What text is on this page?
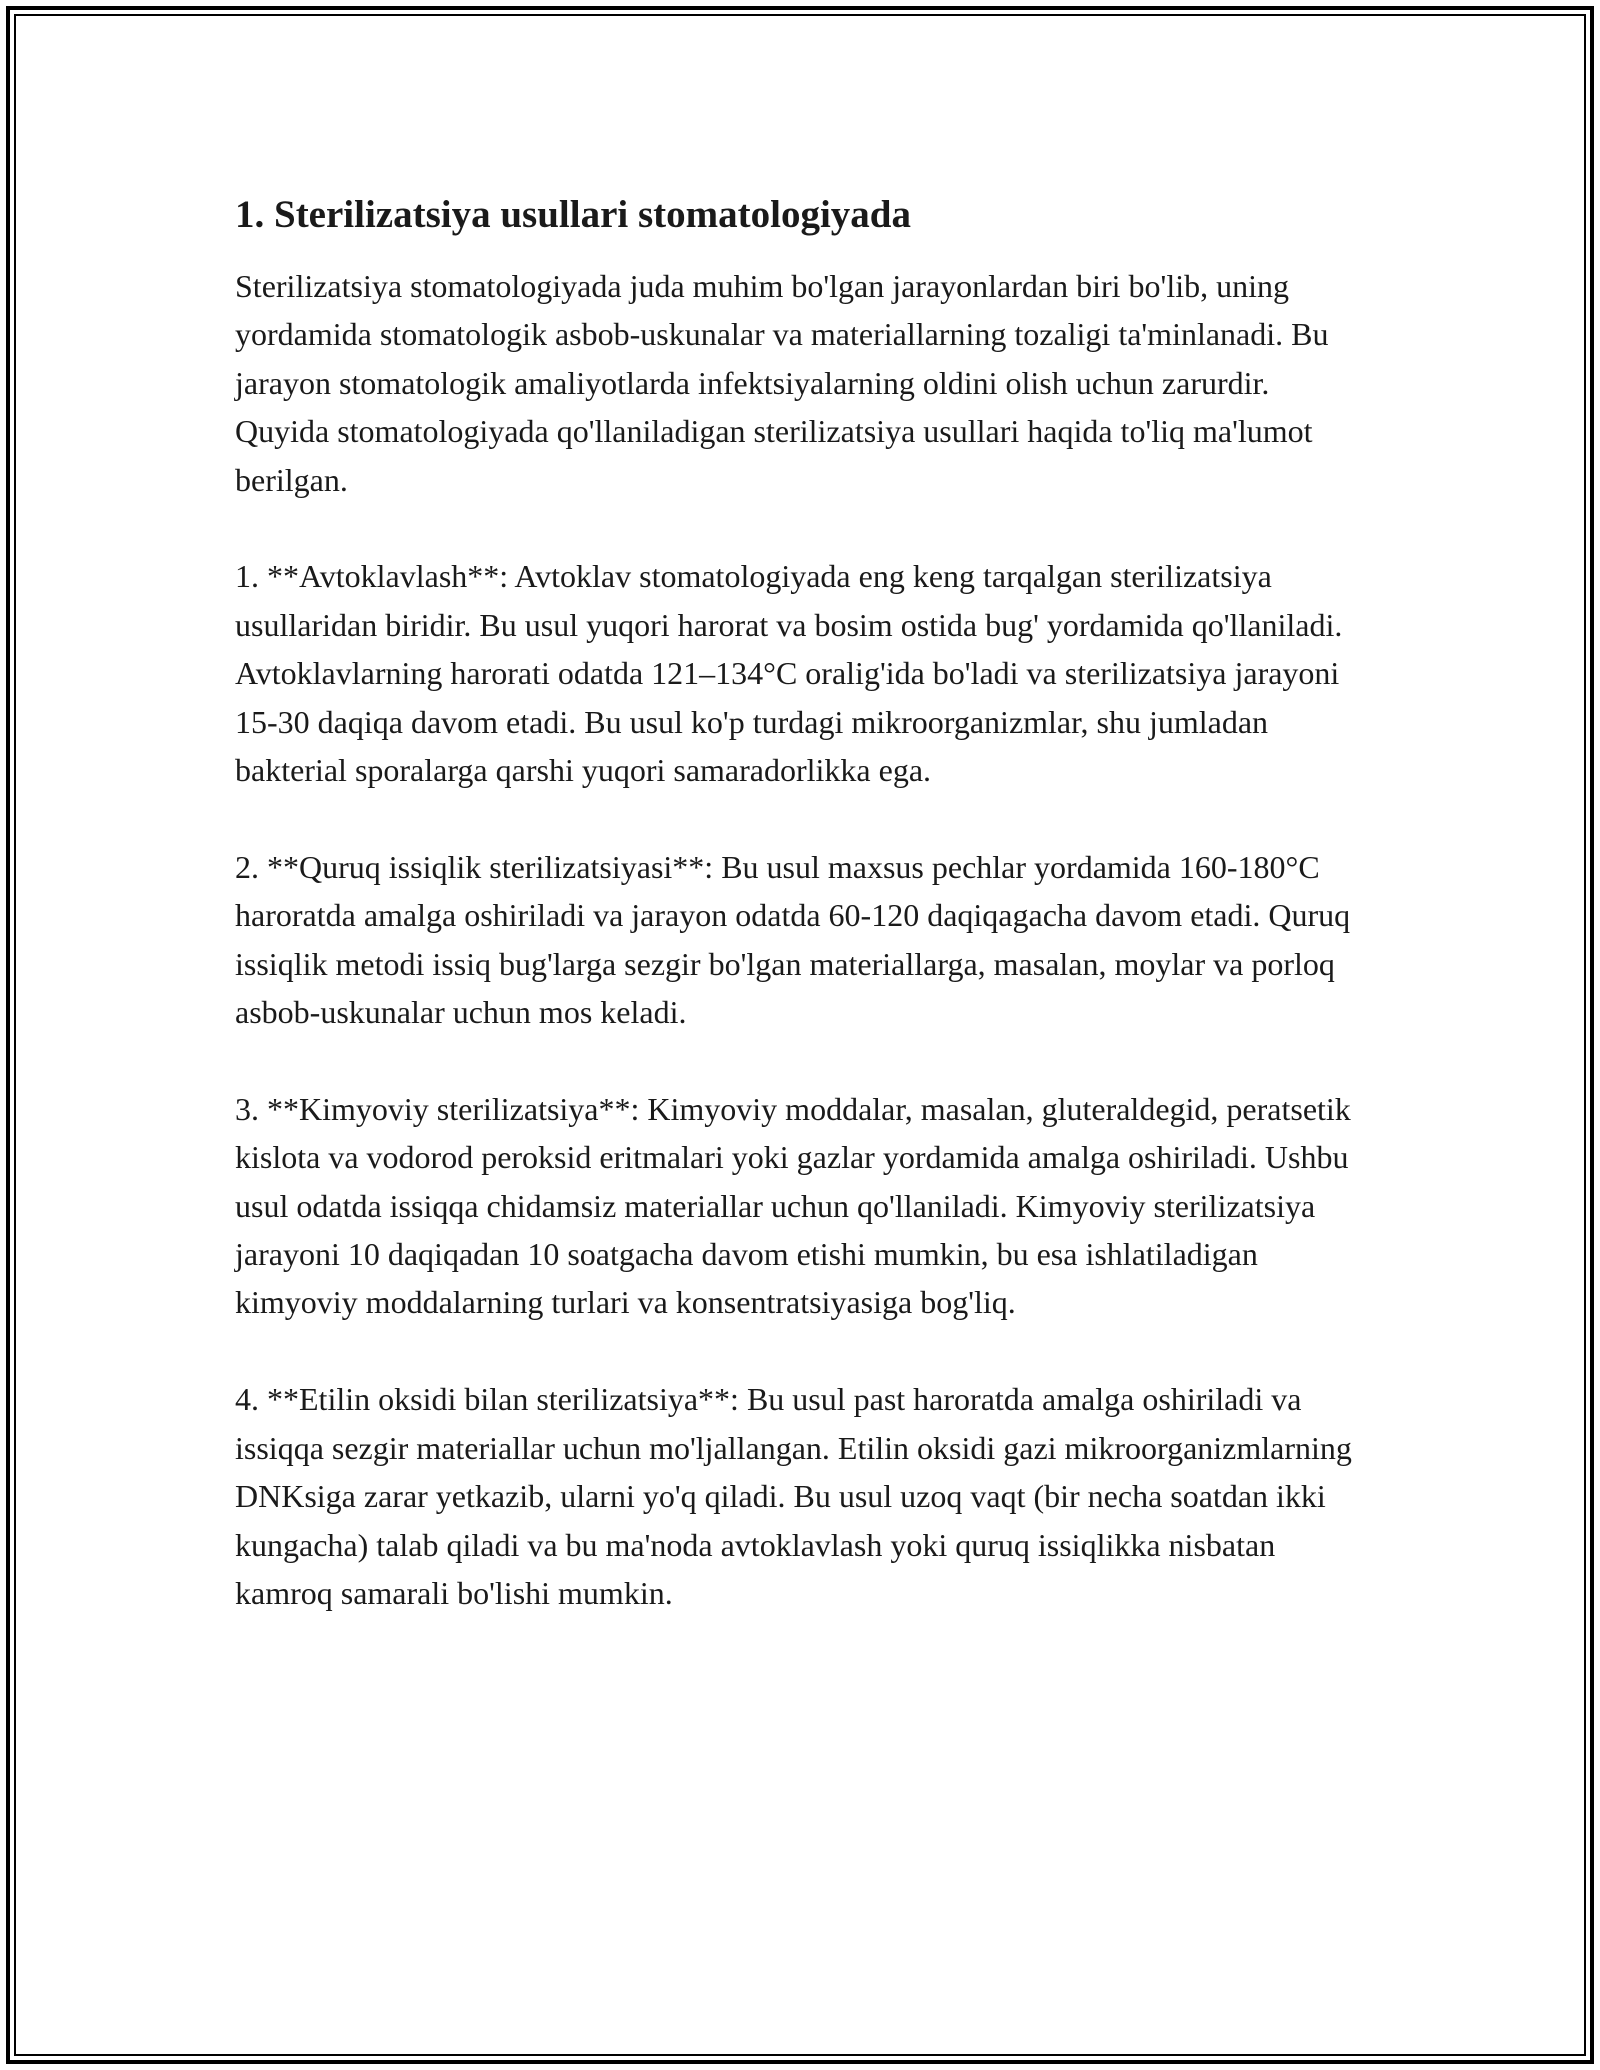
1. Sterilizatsiya usullari stomatologiyada

Sterilizatsiya stomatologiyada juda muhim bo'lgan jarayonlardan biri bo'lib, uning yordamida stomatologik asbob-uskunalar va materiallarning tozaligi ta'minlanadi. Bu jarayon stomatologik amaliyotlarda infektsiyalarning oldini olish uchun zarurdir. Quyida stomatologiyada qo'llaniladigan sterilizatsiya usullari haqida to'liq ma'lumot berilgan.

1. **Avtoklavlash**: Avtoklav stomatologiyada eng keng tarqalgan sterilizatsiya usullaridan biridir. Bu usul yuqori harorat va bosim ostida bug' yordamida qo'llaniladi. Avtoklavlarning harorati odatda 121–134°C oralig'ida bo'ladi va sterilizatsiya jarayoni 15-30 daqiqa davom etadi. Bu usul ko'p turdagi mikroorganizmlar, shu jumladan bakterial sporalarga qarshi yuqori samaradorlikka ega.

2. **Quruq issiqlik sterilizatsiyasi**: Bu usul maxsus pechlar yordamida 160-180°C haroratda amalga oshiriladi va jarayon odatda 60-120 daqiqagacha davom etadi. Quruq issiqlik metodi issiq bug'larga sezgir bo'lgan materiallarga, masalan, moylar va porloq asbob-uskunalar uchun mos keladi.

3. **Kimyoviy sterilizatsiya**: Kimyoviy moddalar, masalan, gluteraldegid, peratsetik kislota va vodorod peroksid eritmalari yoki gazlar yordamida amalga oshiriladi. Ushbu usul odatda issiqqa chidamsiz materiallar uchun qo'llaniladi. Kimyoviy sterilizatsiya jarayoni 10 daqiqadan 10 soatgacha davom etishi mumkin, bu esa ishlatiladigan kimyoviy moddalarning turlari va konsentratsiyasiga bog'liq.

4. **Etilin oksidi bilan sterilizatsiya**: Bu usul past haroratda amalga oshiriladi va issiqqa sezgir materiallar uchun mo'ljallangan. Etilin oksidi gazi mikroorganizmlarning DNKsiga zarar yetkazib, ularni yo'q qiladi. Bu usul uzoq vaqt (bir necha soatdan ikki kungacha) talab qiladi va bu ma'noda avtoklavlash yoki quruq issiqlikka nisbatan kamroq samarali bo'lishi mumkin.
